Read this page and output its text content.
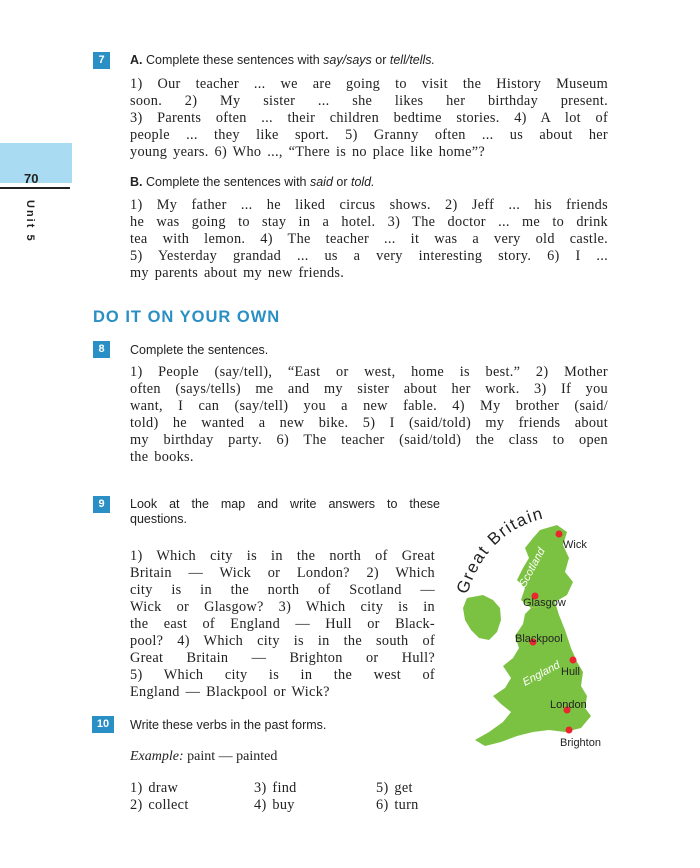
70
Unit 5
7	A. Complete these sentences with say/says or tell/tells.
1) Our teacher ... we are going to visit the History Museum
soon. 2) My sister ... she likes her birthday present.
3) Parents often ... their children bedtime stories. 4) A lot of
people ... they like sport. 5) Granny often ... us about her
young years. 6) Who ..., “There is no place like home”?
B. Complete the sentences with said or told.
1) My father ... he liked circus shows. 2) Jeff ... his friends
he was going to stay in a hotel. 3) The doctor ... me to drink
tea with lemon. 4) The teacher ... it was a very old castle.
5) Yesterday grandad ... us a very interesting story. 6) I ...
my parents about my new friends.
DO IT ON YOUR OWN
8	Complete the sentences.
1) People (say/tell), “East or west, home is best.” 2) Mother
often (says/tells) me and my sister about her work. 3) If you
want, I can (say/tell) you a new fable. 4) My brother (said/
told) he wanted a new bike. 5) I (said/told) my friends about
my birthday party. 6) The teacher (said/told) the class to open
the books.
9	Look at the map and write answers to these
questions.
1) Which city is in the north of Great
Britain — Wick or London? 2) Which
city is in the north of Scotland —
Wick or Glasgow? 3) Which city is in
the east of England — Hull or Black-
pool? 4) Which city is in the south of
Great Britain — Brighton or Hull?
5) Which city is in the west of
England — Blackpool or Wick?
10	Write these verbs in the past forms.
Example: paint — painted
1) draw
2) collect
3) find
4) buy
5) get
6) turn
Great Britain
Scotland
England
Wick
Glasgow
Blackpool
Hull
London
Brighton
